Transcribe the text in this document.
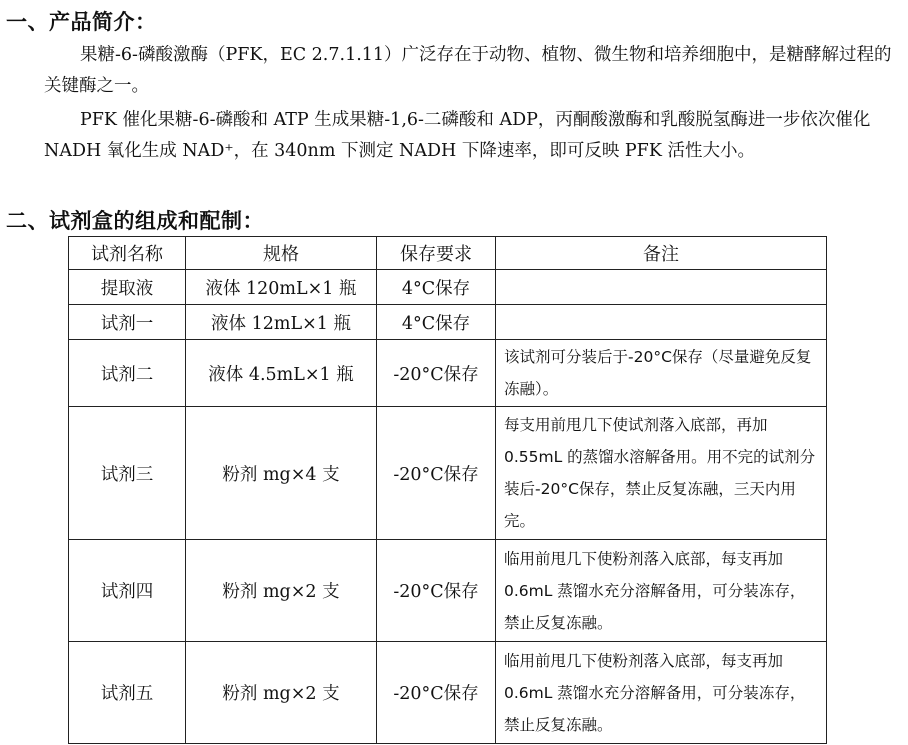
一、产品简介：
果糖-6-磷酸激酶（PFK，EC 2.7.1.11）广泛存在于动物、植物、微生物和培养细胞中，是糖酵解过程的关键酶之一。
PFK 催化果糖-6-磷酸和 ATP 生成果糖-1,6-二磷酸和 ADP，丙酮酸激酶和乳酸脱氢酶进一步依次催化 NADH 氧化生成 NAD⁺，在 340nm 下测定 NADH 下降速率，即可反映 PFK 活性大小。
二、试剂盒的组成和配制：
试剂名称	规格	保存要求	备注
提取液	液体 120mL×1 瓶	4°C保存	
试剂一	液体 12mL×1 瓶	4°C保存	
试剂二	液体 4.5mL×1 瓶	-20°C保存	该试剂可分装后于-20°C保存（尽量避免反复冻融）。
试剂三	粉剂 mg×4 支	-20°C保存	每支用前甩几下使试剂落入底部，再加 0.55mL 的蒸馏水溶解备用。用不完的试剂分装后-20°C保存，禁止反复冻融，三天内用完。
试剂四	粉剂 mg×2 支	-20°C保存	临用前甩几下使粉剂落入底部，每支再加 0.6mL 蒸馏水充分溶解备用，可分装冻存，禁止反复冻融。
试剂五	粉剂 mg×2 支	-20°C保存	临用前甩几下使粉剂落入底部，每支再加 0.6mL 蒸馏水充分溶解备用，可分装冻存，禁止反复冻融。
